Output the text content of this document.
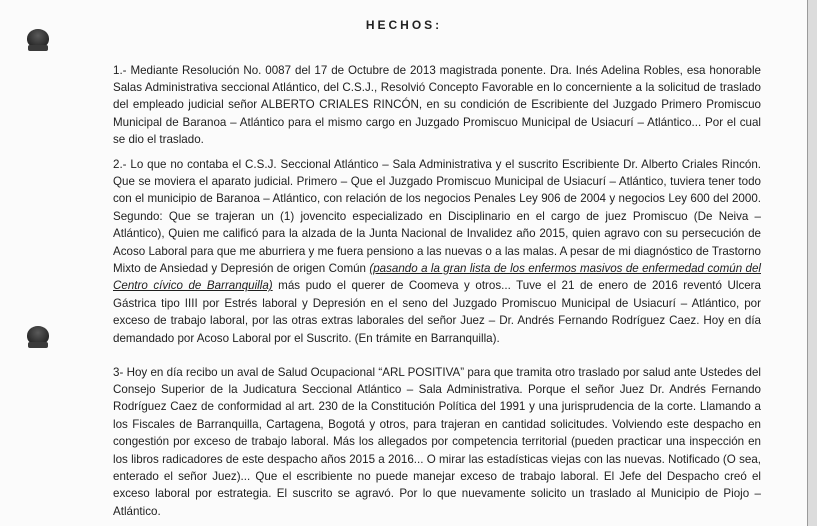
HECHOS:

1.- Mediante Resolución No. 0087 del 17 de Octubre de 2013 magistrada ponente. Dra. Inés Adelina Robles, esa honorable Salas Administrativa seccional Atlántico, del C.S.J., Resolvió Concepto Favorable en lo concerniente a la solicitud de traslado del empleado judicial señor ALBERTO CRIALES RINCÓN, en su condición de Escribiente del Juzgado Primero Promiscuo Municipal de Baranoa – Atlántico para el mismo cargo en Juzgado Promiscuo Municipal de Usiacurí – Atlántico... Por el cual se dio el traslado.

2.- Lo que no contaba el C.S.J. Seccional Atlántico – Sala Administrativa y el suscrito Escribiente Dr. Alberto Criales Rincón. Que se moviera el aparato judicial. Primero – Que el Juzgado Promiscuo Municipal de Usiacurí – Atlántico, tuviera tener todo con el municipio de Baranoa – Atlántico, con relación de los negocios Penales Ley 906 de 2004 y negocios Ley 600 del 2000. Segundo: Que se trajeran un (1) jovencito especializado en Disciplinario en el cargo de juez Promiscuo (De Neiva – Atlántico), Quien me calificó para la alzada de la Junta Nacional de Invalidez año 2015, quien agravo con su persecución de Acoso Laboral para que me aburriera y me fuera pensiono a las nuevas o a las malas. A pesar de mi diagnóstico de Trastorno Mixto de Ansiedad y Depresión de origen Común (pasando a la gran lista de los enfermos masivos de enfermedad común del Centro cívico de Barranquilla) más pudo el querer de Coomeva y otros... Tuve el 21 de enero de 2016 reventó Ulcera Gástrica tipo IIII por Estrés laboral y Depresión en el seno del Juzgado Promiscuo Municipal de Usiacurí – Atlántico, por exceso de trabajo laboral, por las otras extras laborales del señor Juez – Dr. Andrés Fernando Rodríguez Caez. Hoy en día demandado por Acoso Laboral por el Suscrito. (En trámite en Barranquilla).

3- Hoy en día recibo un aval de Salud Ocupacional “ARL POSITIVA” para que tramita otro traslado por salud ante Ustedes del Consejo Superior de la Judicatura Seccional Atlántico – Sala Administrativa. Porque el señor Juez Dr. Andrés Fernando Rodríguez Caez de conformidad al art. 230 de la Constitución Política del 1991 y una jurisprudencia de la corte. Llamando a los Fiscales de Barranquilla, Cartagena, Bogotá y otros, para trajeran en cantidad solicitudes. Volviendo este despacho en congestión por exceso de trabajo laboral. Más los allegados por competencia territorial (pueden practicar una inspección en los libros radicadores de este despacho años 2015 a 2016... O mirar las estadísticas viejas con las nuevas. Notificado (O sea, enterado el señor Juez)... Que el escribiente no puede manejar exceso de trabajo laboral. El Jefe del Despacho creó el exceso laboral por estrategia. El suscrito se agravó. Por lo que nuevamente solicito un traslado al Municipio de Piojo – Atlántico.
